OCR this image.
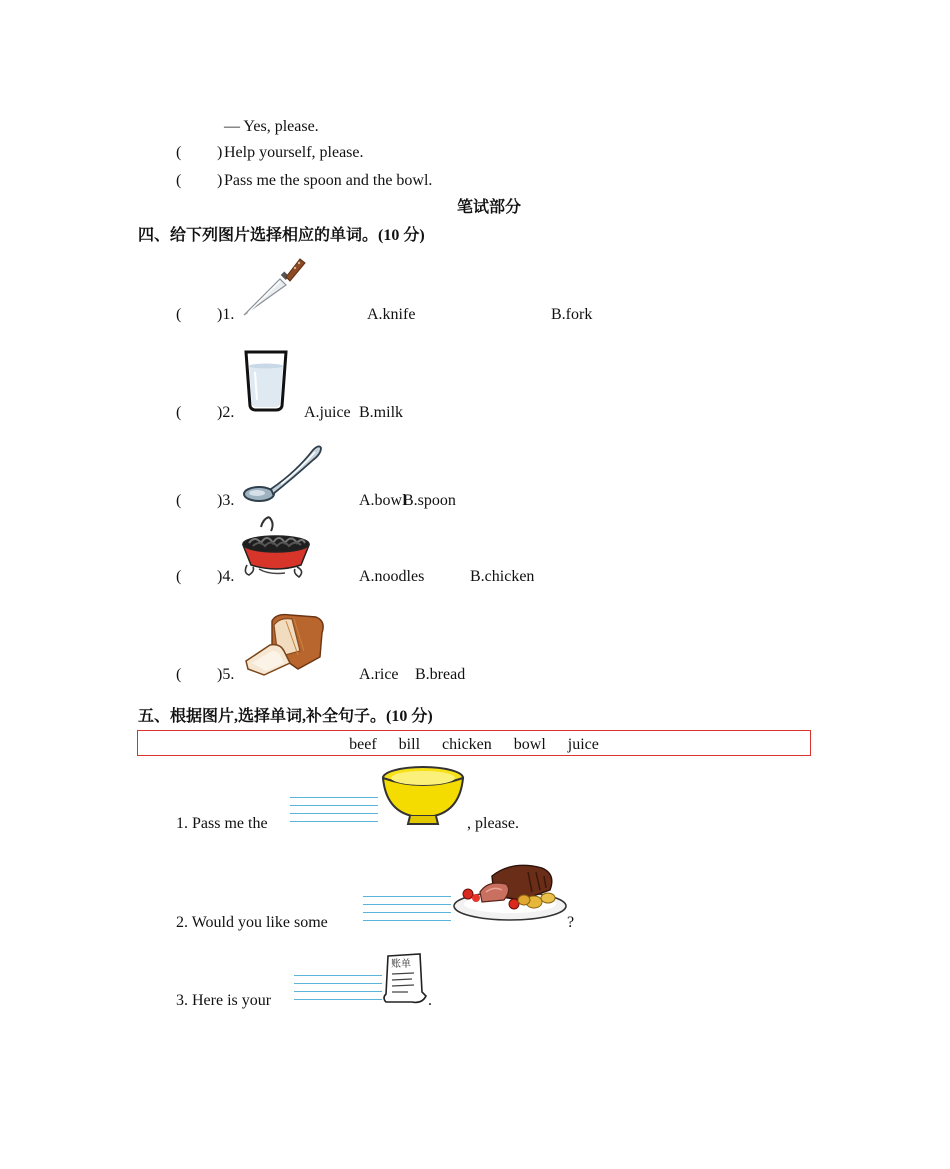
— Yes, please.
( ) Help yourself, please.
( ) Pass me the spoon and the bowl.
笔试部分
四、给下列图片选择相应的单词。(10 分)
( )1.	A.knife	B.fork
( )2.	A.juice B.milk
( )3.	A.bowl
B.spoon
( )4.	A.noodles	B.chicken
( )5.	A.rice B.bread
五、根据图片,选择单词,补全句子。(10 分)
beef bill chicken bowl juice
1. Pass me the	, please.
2. Would you like some	?
3. Here is your
账单
.
